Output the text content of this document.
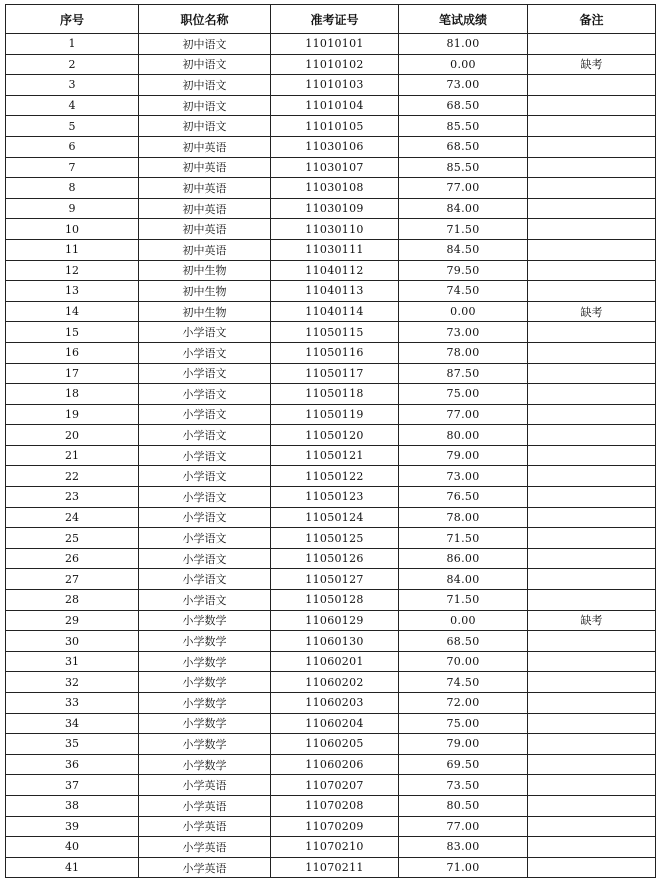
序号	职位名称	准考证号	笔试成绩	备注
1	初中语文	11010101	81.00	
2	初中语文	11010102	0.00	缺考
3	初中语文	11010103	73.00	
4	初中语文	11010104	68.50	
5	初中语文	11010105	85.50	
6	初中英语	11030106	68.50	
7	初中英语	11030107	85.50	
8	初中英语	11030108	77.00	
9	初中英语	11030109	84.00	
10	初中英语	11030110	71.50	
11	初中英语	11030111	84.50	
12	初中生物	11040112	79.50	
13	初中生物	11040113	74.50	
14	初中生物	11040114	0.00	缺考
15	小学语文	11050115	73.00	
16	小学语文	11050116	78.00	
17	小学语文	11050117	87.50	
18	小学语文	11050118	75.00	
19	小学语文	11050119	77.00	
20	小学语文	11050120	80.00	
21	小学语文	11050121	79.00	
22	小学语文	11050122	73.00	
23	小学语文	11050123	76.50	
24	小学语文	11050124	78.00	
25	小学语文	11050125	71.50	
26	小学语文	11050126	86.00	
27	小学语文	11050127	84.00	
28	小学语文	11050128	71.50	
29	小学数学	11060129	0.00	缺考
30	小学数学	11060130	68.50	
31	小学数学	11060201	70.00	
32	小学数学	11060202	74.50	
33	小学数学	11060203	72.00	
34	小学数学	11060204	75.00	
35	小学数学	11060205	79.00	
36	小学数学	11060206	69.50	
37	小学英语	11070207	73.50	
38	小学英语	11070208	80.50	
39	小学英语	11070209	77.00	
40	小学英语	11070210	83.00	
41	小学英语	11070211	71.00	
